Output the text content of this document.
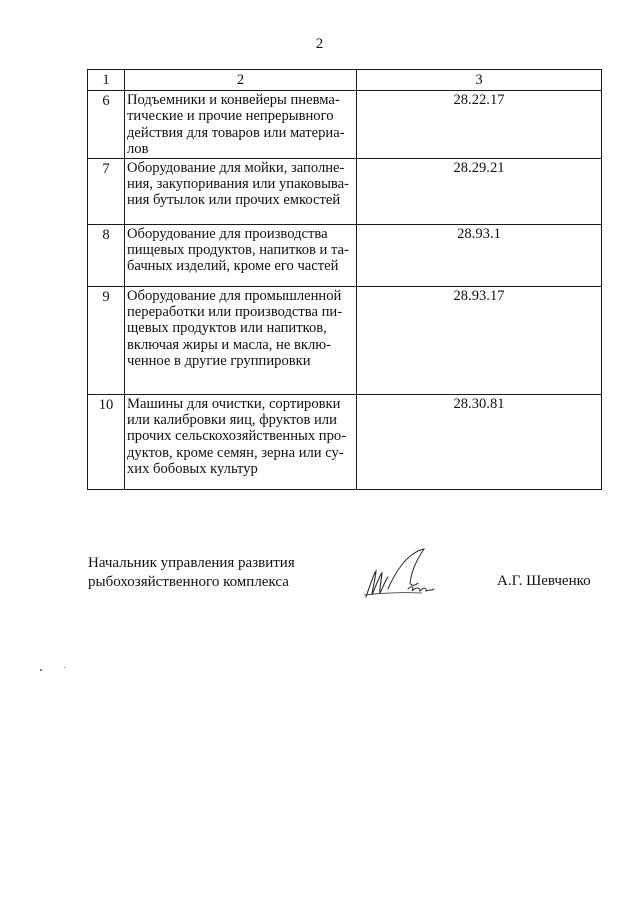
2
1	2	3
6	Подъемники и конвейеры пневма-
тические и прочие непрерывного
действия для товаров или материа-
лов	28.22.17
7	Оборудование для мойки, заполне-
ния, закупоривания или упаковыва-
ния бутылок или прочих емкостей	28.29.21
8	Оборудование для производства
пищевых продуктов, напитков и та-
бачных изделий, кроме его частей	28.93.1
9	Оборудование для промышленной
переработки или производства пи-
щевых продуктов или напитков,
включая жиры и масла, не вклю-
ченное в другие группировки	28.93.17
10	Машины для очистки, сортировки
или калибровки яиц, фруктов или
прочих сельскохозяйственных про-
дуктов, кроме семян, зерна или су-
хих бобовых культур	28.30.81
Начальник управления развития
рыбохозяйственного комплекса	А.Г. Шевченко
